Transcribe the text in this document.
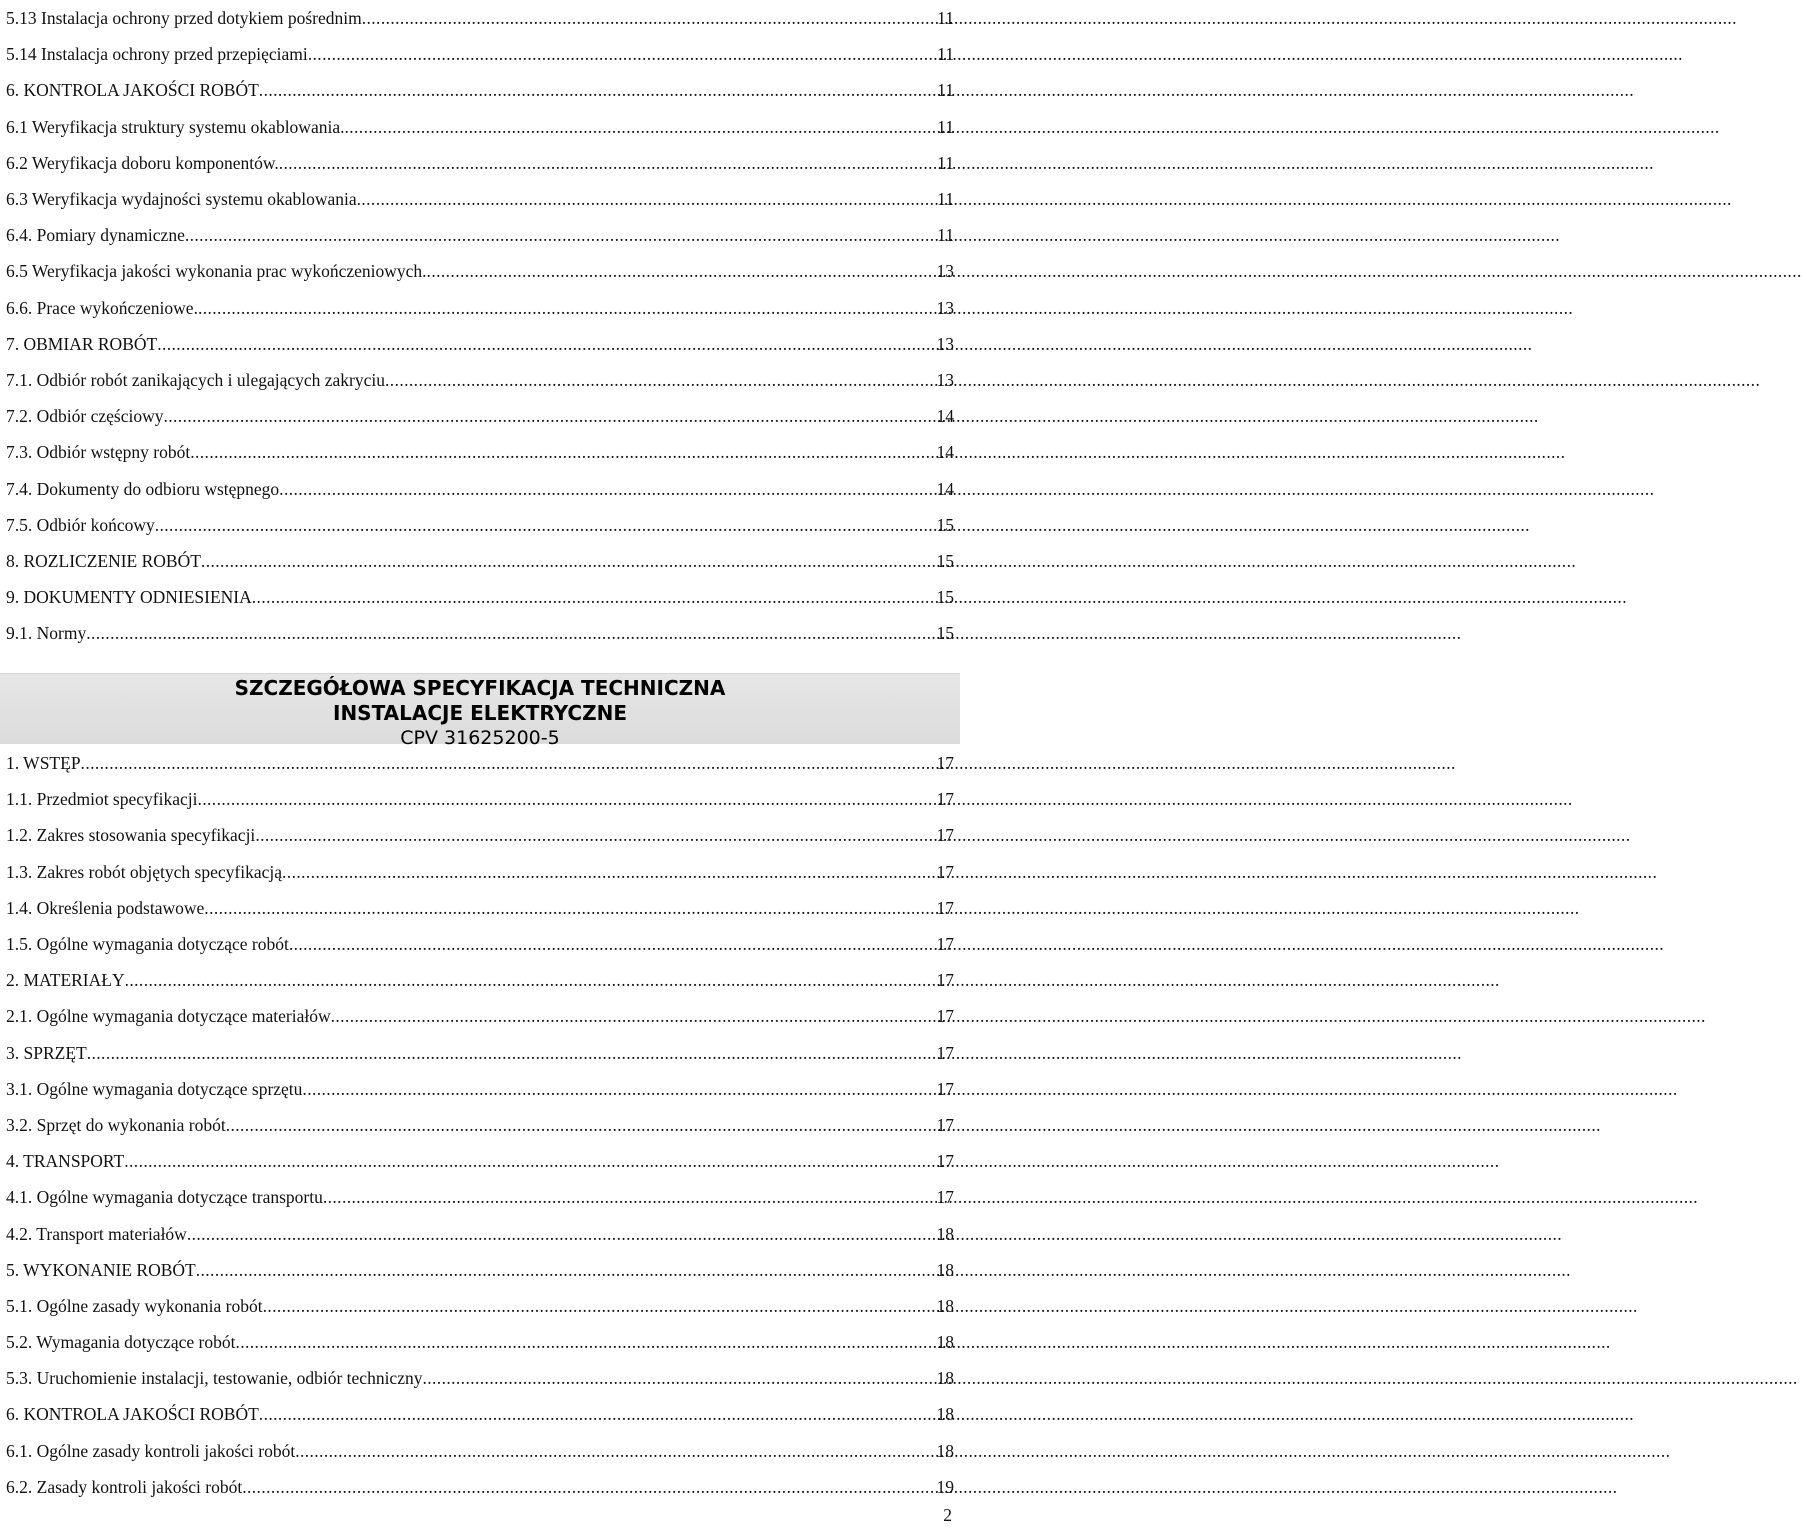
5.13 Instalacja ochrony przed dotykiem pośrednim .....	11
5.14 Instalacja ochrony przed przepięciami .....	11
6. KONTROLA JAKOŚCI ROBÓT .....	11
6.1 Weryfikacja struktury systemu okablowania. .....	11
6.2 Weryfikacja doboru komponentów. .....	11
6.3 Weryfikacja wydajności systemu okablowania .....	11
6.4. Pomiary dynamiczne .....	11
6.5 Weryfikacja jakości wykonania prac wykończeniowych. .....	13
6.6. Prace wykończeniowe. .....	13
7. OBMIAR ROBÓT .....	13
7.1. Odbiór robót zanikających i ulegających zakryciu .....	13
7.2. Odbiór częściowy .....	14
7.3. Odbiór wstępny robót .....	14
7.4. Dokumenty do odbioru wstępnego .....	14
7.5. Odbiór końcowy .....	15
8. ROZLICZENIE ROBÓT .....	15
9. DOKUMENTY ODNIESIENIA .....	15
9.1. Normy .....	15
SZCZEGÓŁOWA SPECYFIKACJA TECHNICZNA
INSTALACJE ELEKTRYCZNE
CPV 31625200-5
1. WSTĘP .....	17
1.1. Przedmiot specyfikacji .....	17
1.2. Zakres stosowania specyfikacji .....	17
1.3. Zakres robót objętych specyfikacją .....	17
1.4. Określenia podstawowe .....	17
1.5. Ogólne wymagania dotyczące robót .....	17
2. MATERIAŁY .....	17
2.1. Ogólne wymagania dotyczące materiałów .....	17
3. SPRZĘT .....	17
3.1. Ogólne wymagania dotyczące sprzętu .....	17
3.2. Sprzęt do wykonania robót .....	17
4. TRANSPORT .....	17
4.1. Ogólne wymagania dotyczące transportu .....	17
4.2. Transport materiałów .....	18
5. WYKONANIE ROBÓT .....	18
5.1. Ogólne zasady wykonania robót .....	18
5.2. Wymagania dotyczące robót .....	18
5.3. Uruchomienie instalacji, testowanie, odbiór techniczny .....	18
6. KONTROLA JAKOŚCI ROBÓT .....	18
6.1. Ogólne zasady kontroli jakości robót .....	18
6.2. Zasady kontroli jakości robót .....	19
2
